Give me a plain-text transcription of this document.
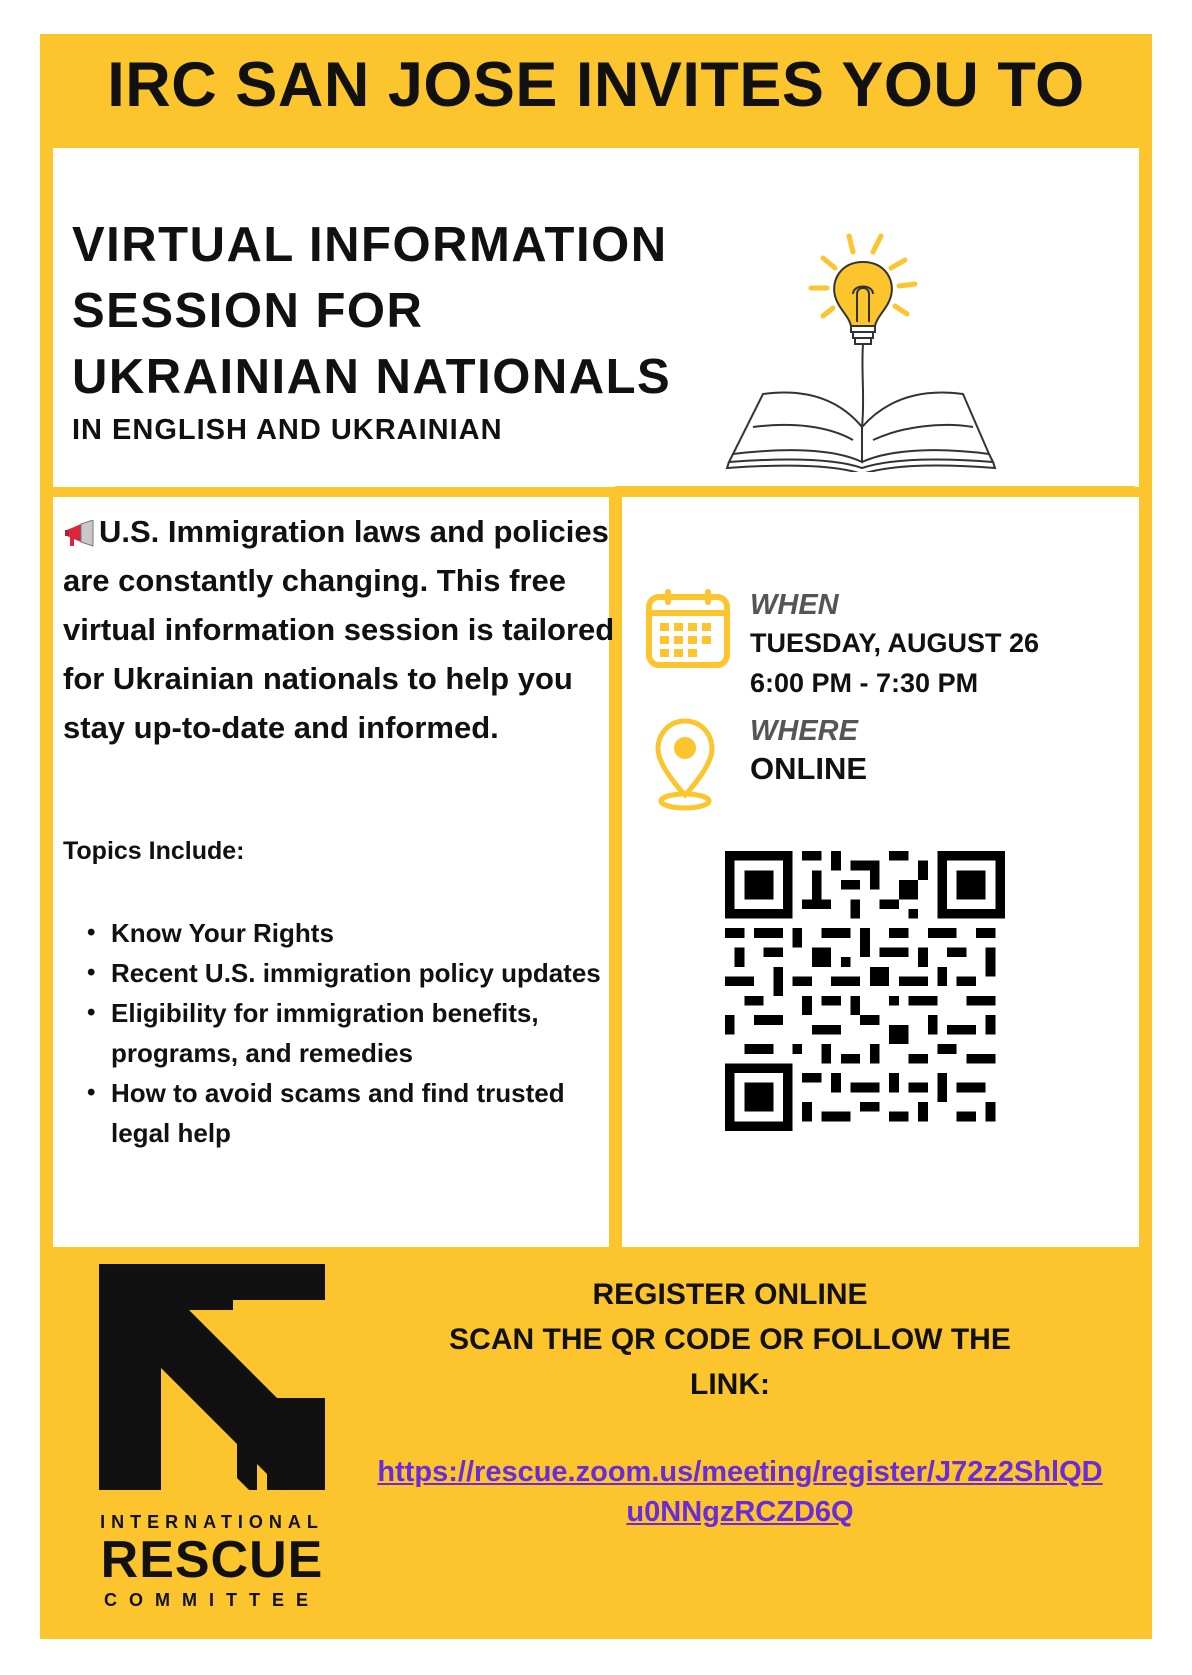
IRC SAN JOSE INVITES YOU TO
VIRTUAL INFORMATION
SESSION FOR
UKRAINIAN NATIONALS
IN ENGLISH AND UKRAINIAN
U.S. Immigration laws and policies are constantly changing. This free virtual information session is tailored for Ukrainian nationals to help you stay up-to-date and informed.
Topics Include:
• Know Your Rights
• Recent U.S. immigration policy updates
• Eligibility for immigration benefits, programs, and remedies
• How to avoid scams and find trusted legal help
WHEN
TUESDAY, AUGUST 26
6:00 PM - 7:30 PM
WHERE
ONLINE
INTERNATIONAL
RESCUE
COMMITTEE
REGISTER ONLINE
SCAN THE QR CODE OR FOLLOW THE
LINK:
https://rescue.zoom.us/meeting/register/J72z2ShlQDu0NNgzRCZD6Q
